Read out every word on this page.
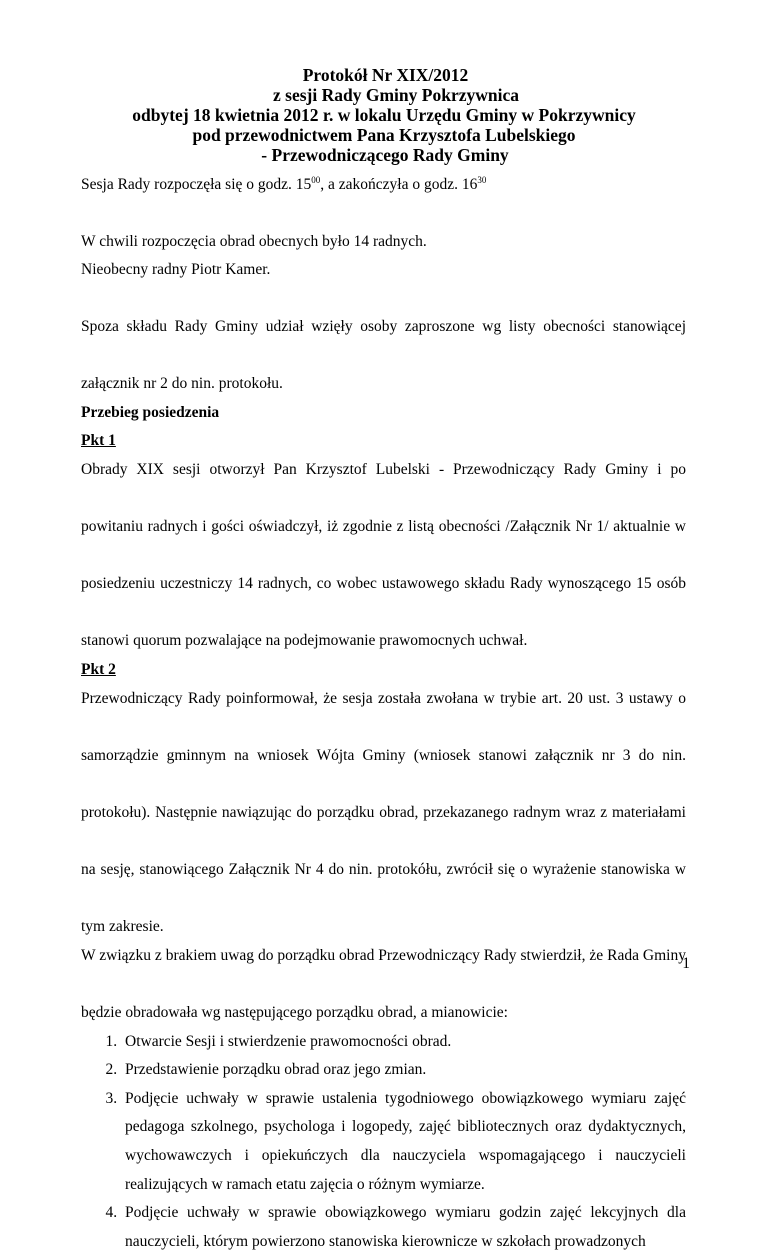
Protokół Nr XIX/2012
z sesji Rady Gminy Pokrzywnica
odbytej 18 kwietnia 2012 r. w lokalu Urzędu Gminy w Pokrzywnicy
pod przewodnictwem Pana Krzysztofa Lubelskiego
- Przewodniczącego Rady Gminy

Sesja Rady rozpoczęła się o godz. $15^{00}$, a zakończyła o godz. $16^{30}$

W chwili rozpoczęcia obrad obecnych było 14 radnych.

Nieobecny radny Piotr Kamer.

Spoza składu Rady Gminy udział wzięły osoby zaproszone wg listy obecności stanowiącej

załącznik nr 2 do nin. protokołu.

Przebieg posiedzenia

Pkt 1

Obrady XIX sesji otworzył Pan Krzysztof Lubelski - Przewodniczący Rady Gminy i po

powitaniu radnych i gości oświadczył, iż zgodnie z listą obecności /Załącznik Nr 1/ aktualnie w

posiedzeniu uczestniczy 14 radnych, co wobec ustawowego składu Rady wynoszącego 15 osób

stanowi quorum pozwalające na podejmowanie prawomocnych uchwał.

Pkt 2

Przewodniczący Rady poinformował, że sesja została zwołana w trybie art. 20 ust. 3 ustawy o

samorządzie gminnym na wniosek Wójta Gminy (wniosek stanowi załącznik nr 3 do nin.

protokołu). Następnie nawiązując do porządku obrad, przekazanego radnym wraz z materiałami

na sesję, stanowiącego Załącznik Nr 4 do nin. protokółu, zwrócił się o wyrażenie stanowiska w

tym zakresie.

W związku z brakiem uwag do porządku obrad Przewodniczący Rady stwierdził, że Rada Gminy

będzie obradowała wg następującego porządku obrad, a mianowicie:

1. Otwarcie Sesji i stwierdzenie prawomocności obrad.
2. Przedstawienie porządku obrad oraz jego zmian.
3. Podjęcie uchwały w sprawie ustalenia tygodniowego obowiązkowego wymiaru zajęć pedagoga szkolnego, psychologa i logopedy, zajęć bibliotecznych oraz dydaktycznych, wychowawczych i opiekuńczych dla nauczyciela wspomagającego i nauczycieli realizujących w ramach etatu zajęcia o różnym wymiarze.
4. Podjęcie uchwały w sprawie obowiązkowego wymiaru godzin zajęć lekcyjnych dla nauczycieli, którym powierzono stanowiska kierownicze w szkołach prowadzonych
1
